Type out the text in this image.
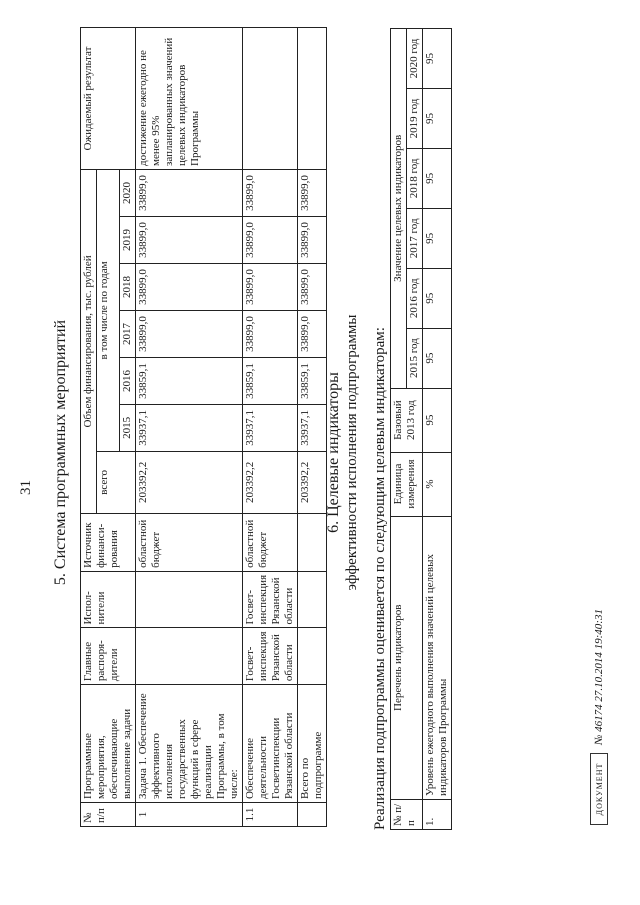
31 5. Система программных мероприятий
№ п/п	Программные мероприятия, обеспечивающие выполнение задачи	Главные распоря-дители	Испол-нители	Источник финанси-рования	Объем финансирования, тыс. рублей							Ожидаемый результат
					всего	в том числе по годам						
						2015	2016	2017	2018	2019	2020	
1	Задача 1. Обеспечение эффективного исполнения государственных функций в сфере реализации Программы, в том числе:			областной бюджет	203392,2	33937,1	33859,1	33899,0	33899,0	33899,0	33899,0	достижение ежегодно не менее 95% запланированных значений целевых индикаторов Программы
1.1	Обеспечение деятельности Госветинспекции Рязанской области	Госвет-инспекция Рязанской области	Госвет-инспекция Рязанской области	областной бюджет	203392,2	33937,1	33859,1	33899,0	33899,0	33899,0	33899,0	
	Всего по подпрограмме				203392,2	33937,1	33859,1	33899,0	33899,0	33899,0	33899,0	
6. Целевые индикаторы эффективности исполнения подпрограммы Реализация подпрограммы оценивается по следующим целевым индикаторам: № п/п	Перечень индикаторов	Единица измерения	Базовый 2013 год	Значение целевых индикаторов					
				2015 год	2016 год	2017 год	2018 год	2019 год	2020 год
1.	Уровень ежегодного выполнения значений целевых индикаторов Программы	%	95	95	95	95	95	95	95
ДОКУМЕНТ
№ 46174 27.10.2014 19:40:31
